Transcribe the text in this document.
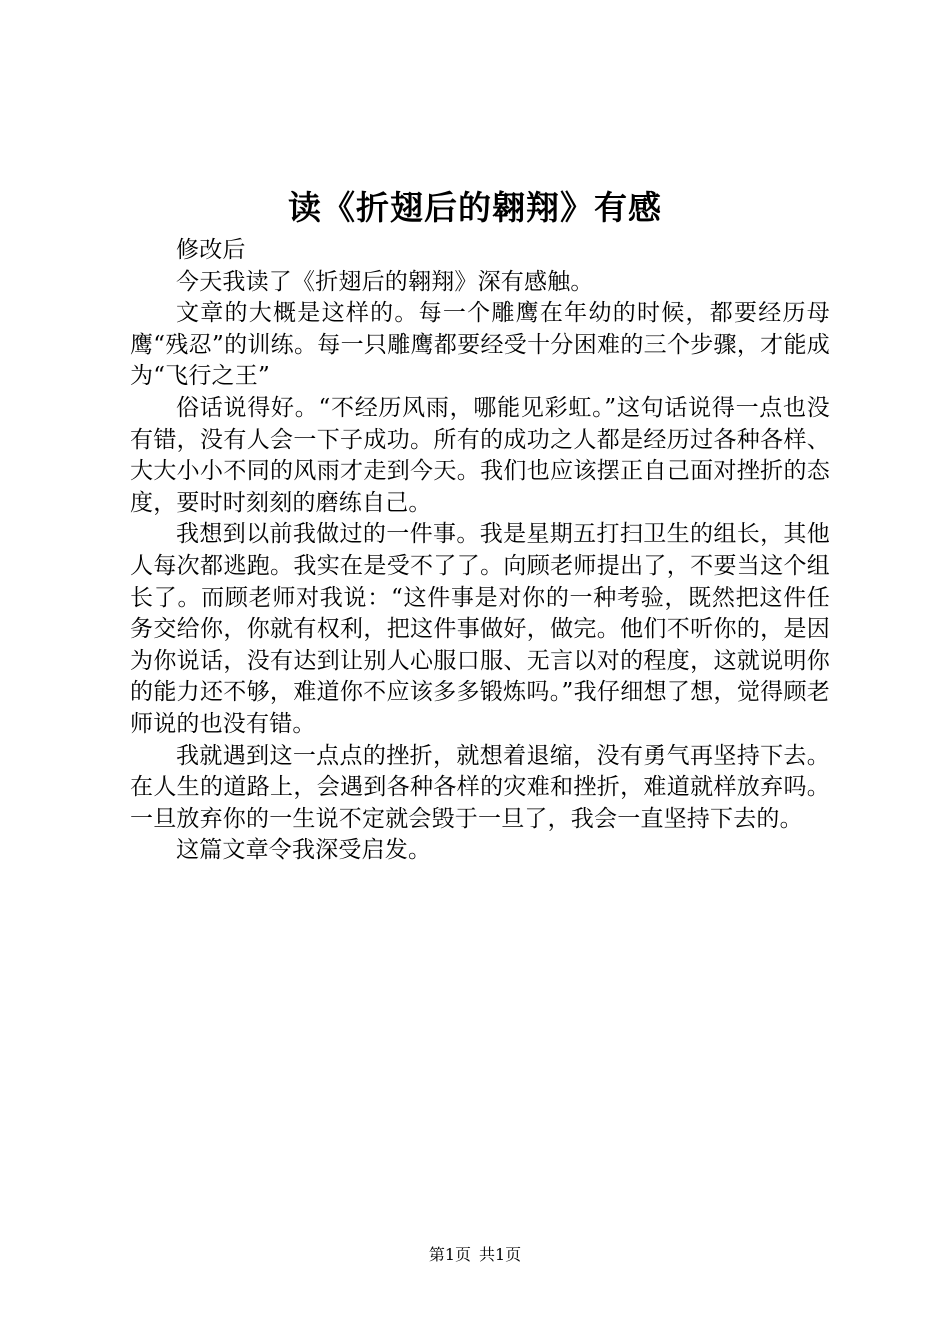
读《折翅后的翱翔》有感

修改后

今天我读了《折翅后的翱翔》深有感触。

文章的大概是这样的。每一个雕鹰在年幼的时候，都要经历母鹰“残忍”的训练。每一只雕鹰都要经受十分困难的三个步骤，才能成为“飞行之王”

俗话说得好。“不经历风雨，哪能见彩虹。”这句话说得一点也没有错，没有人会一下子成功。所有的成功之人都是经历过各种各样、大大小小不同的风雨才走到今天。我们也应该摆正自己面对挫折的态度，要时时刻刻的磨练自己。

我想到以前我做过的一件事。我是星期五打扫卫生的组长，其他人每次都逃跑。我实在是受不了了。向顾老师提出了，不要当这个组长了。而顾老师对我说：“这件事是对你的一种考验，既然把这件任务交给你，你就有权利，把这件事做好，做完。他们不听你的，是因为你说话，没有达到让别人心服口服、无言以对的程度，这就说明你的能力还不够，难道你不应该多多锻炼吗。”我仔细想了想，觉得顾老师说的也没有错。

我就遇到这一点点的挫折，就想着退缩，没有勇气再坚持下去。在人生的道路上，会遇到各种各样的灾难和挫折，难道就样放弃吗。一旦放弃你的一生说不定就会毁于一旦了，我会一直坚持下去的。

这篇文章令我深受启发。

第1页 共1页
